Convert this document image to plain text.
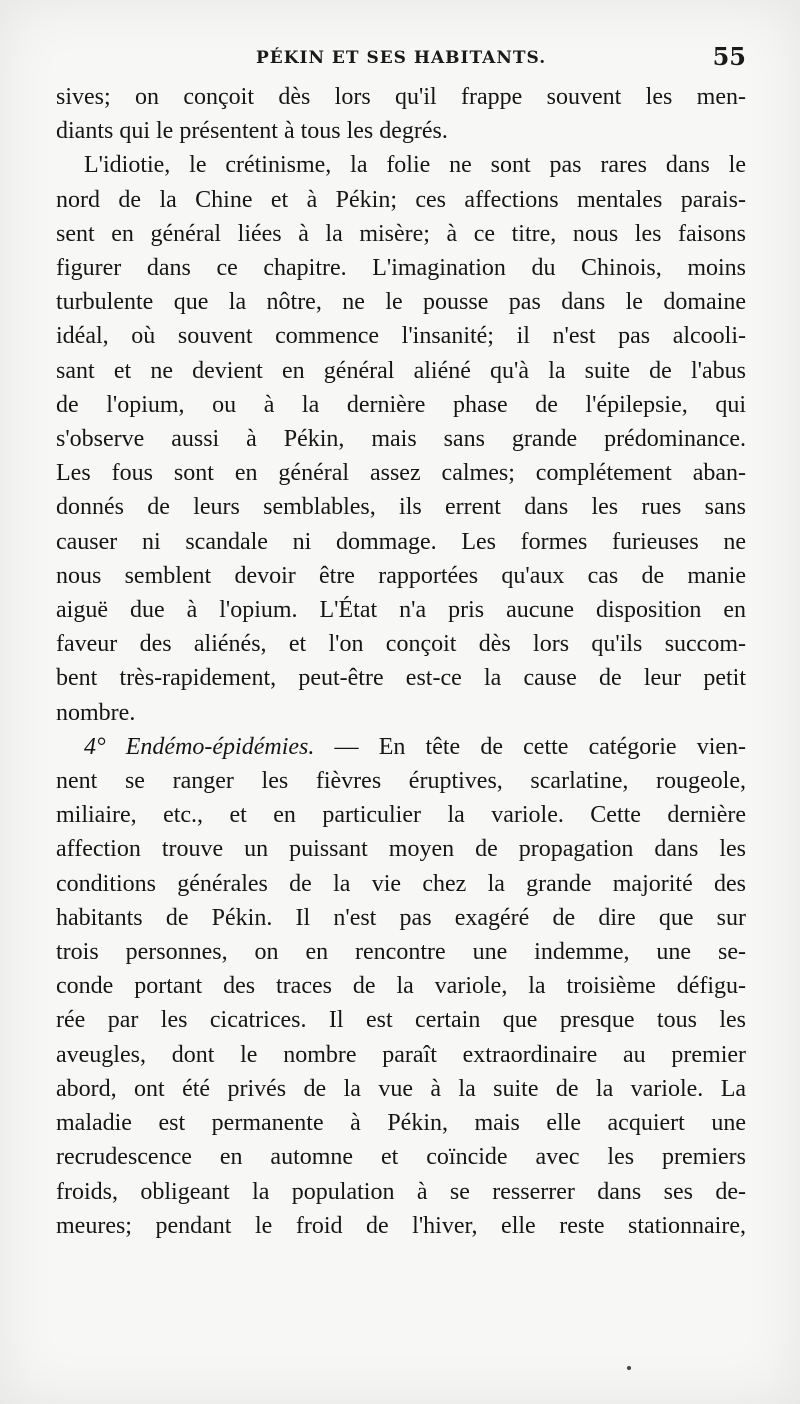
PÉKIN ET SES HABITANTS.	55
sives; on conçoit dès lors qu'il frappe souvent les men-
diants qui le présentent à tous les degrés.
L'idiotie, le crétinisme, la folie ne sont pas rares dans le
nord de la Chine et à Pékin; ces affections mentales parais-
sent en général liées à la misère; à ce titre, nous les faisons
figurer dans ce chapitre. L'imagination du Chinois, moins
turbulente que la nôtre, ne le pousse pas dans le domaine
idéal, où souvent commence l'insanité; il n'est pas alcooli-
sant et ne devient en général aliéné qu'à la suite de l'abus
de l'opium, ou à la dernière phase de l'épilepsie, qui
s'observe aussi à Pékin, mais sans grande prédominance.
Les fous sont en général assez calmes; complétement aban-
donnés de leurs semblables, ils errent dans les rues sans
causer ni scandale ni dommage. Les formes furieuses ne
nous semblent devoir être rapportées qu'aux cas de manie
aiguë due à l'opium. L'État n'a pris aucune disposition en
faveur des aliénés, et l'on conçoit dès lors qu'ils succom-
bent très-rapidement, peut-être est-ce la cause de leur petit
nombre.
4° Endémo-épidémies. — En tête de cette catégorie vien-
nent se ranger les fièvres éruptives, scarlatine, rougeole,
miliaire, etc., et en particulier la variole. Cette dernière
affection trouve un puissant moyen de propagation dans les
conditions générales de la vie chez la grande majorité des
habitants de Pékin. Il n'est pas exagéré de dire que sur
trois personnes, on en rencontre une indemme, une se-
conde portant des traces de la variole, la troisième défigu-
rée par les cicatrices. Il est certain que presque tous les
aveugles, dont le nombre paraît extraordinaire au premier
abord, ont été privés de la vue à la suite de la variole. La
maladie est permanente à Pékin, mais elle acquiert une
recrudescence en automne et coïncide avec les premiers
froids, obligeant la population à se resserrer dans ses de-
meures; pendant le froid de l'hiver, elle reste stationnaire,
